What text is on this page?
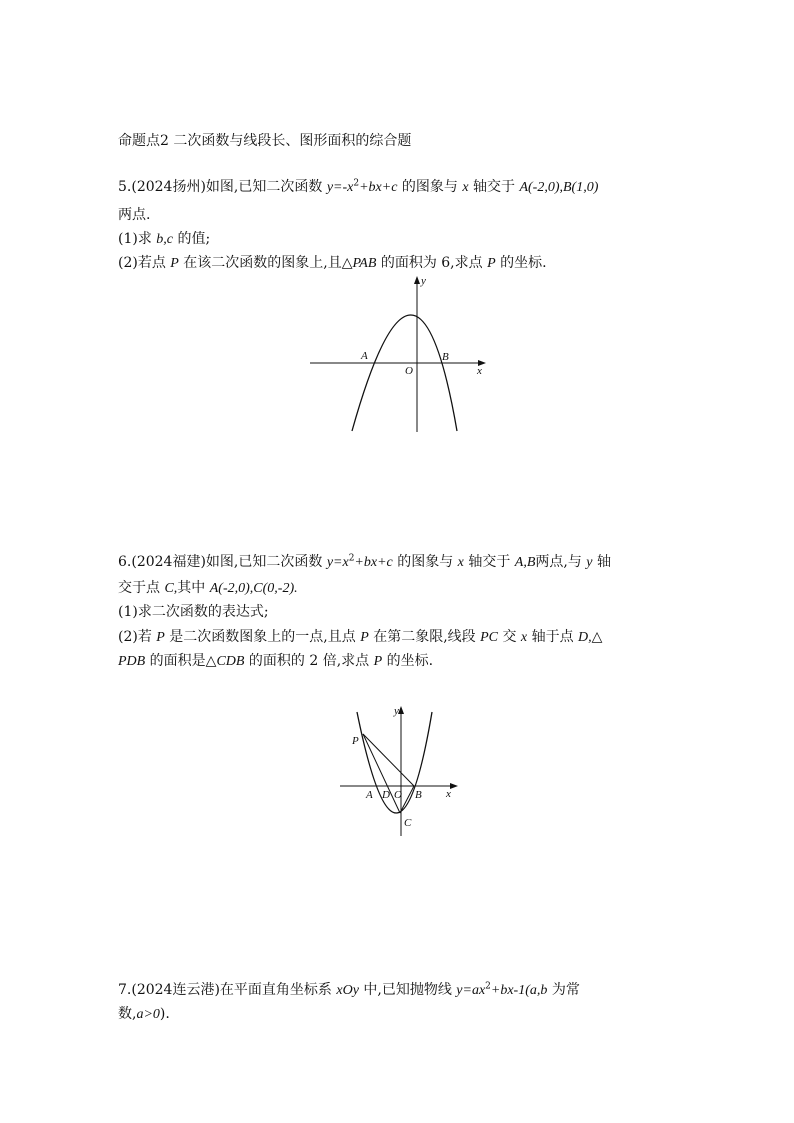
命题点2 二次函数与线段长、图形面积的综合题
5.(2024扬州)如图,已知二次函数 $y=-x^2+bx+c$ 的图象与 x 轴交于 A(-2,0),B(1,0)
两点.
(1)求 b,c 的值;
(2)若点 P 在该二次函数的图象上,且△PAB 的面积为 6,求点 P 的坐标.
y
x
A	B
O
6.(2024福建)如图,已知二次函数 $y=x^2+bx+c$ 的图象与 x 轴交于 A,B两点,与 y 轴
交于点 C,其中 A(-2,0),C(0,-2).
(1)求二次函数的表达式;
(2)若 P 是二次函数图象上的一点,且点 P 在第二象限,线段 PC 交 x 轴于点 D,△
PDB 的面积是△CDB 的面积的 2 倍,求点 P 的坐标.
y
x
P
A D O B
C
7.(2024连云港)在平面直角坐标系 xOy 中,已知抛物线 $y=ax^2+bx-1(a,b$ 为常
数,a>0).
